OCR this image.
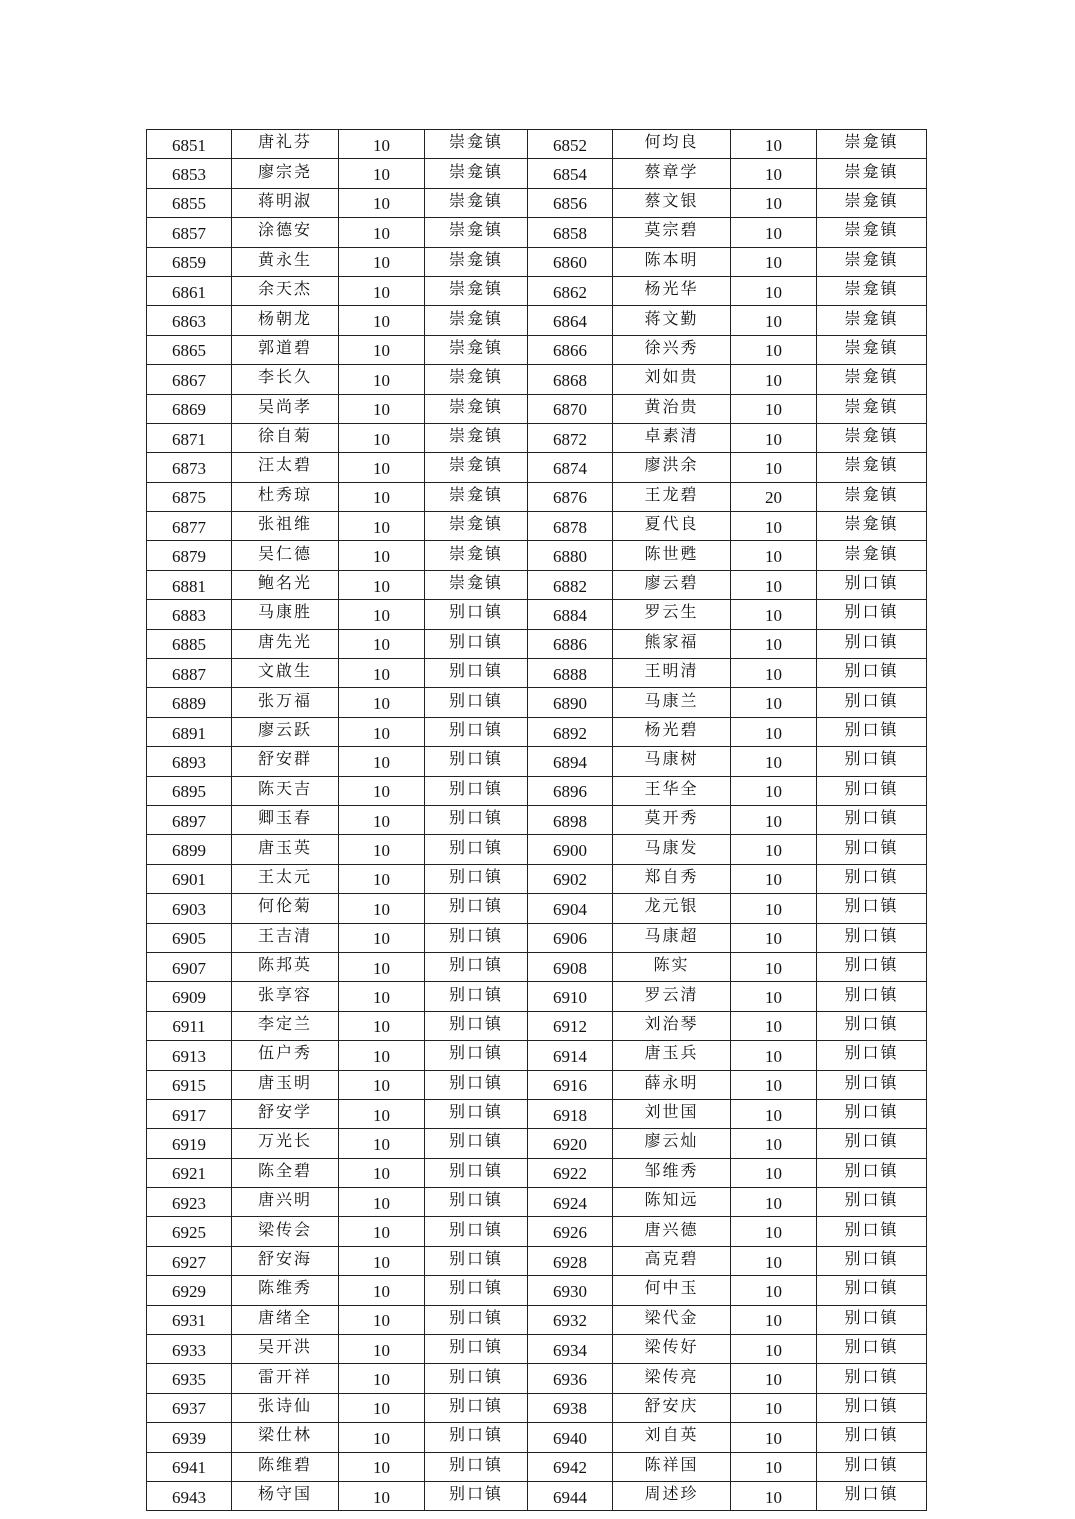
6851	唐礼芬	10	崇龛镇	6852	何均良	10	崇龛镇
6853	廖宗尧	10	崇龛镇	6854	蔡章学	10	崇龛镇
6855	蒋明淑	10	崇龛镇	6856	蔡文银	10	崇龛镇
6857	涂德安	10	崇龛镇	6858	莫宗碧	10	崇龛镇
6859	黄永生	10	崇龛镇	6860	陈本明	10	崇龛镇
6861	余天杰	10	崇龛镇	6862	杨光华	10	崇龛镇
6863	杨朝龙	10	崇龛镇	6864	蒋文勤	10	崇龛镇
6865	郭道碧	10	崇龛镇	6866	徐兴秀	10	崇龛镇
6867	李长久	10	崇龛镇	6868	刘如贵	10	崇龛镇
6869	吴尚孝	10	崇龛镇	6870	黄治贵	10	崇龛镇
6871	徐自菊	10	崇龛镇	6872	卓素清	10	崇龛镇
6873	汪太碧	10	崇龛镇	6874	廖洪余	10	崇龛镇
6875	杜秀琼	10	崇龛镇	6876	王龙碧	20	崇龛镇
6877	张祖维	10	崇龛镇	6878	夏代良	10	崇龛镇
6879	吴仁德	10	崇龛镇	6880	陈世甦	10	崇龛镇
6881	鲍名光	10	崇龛镇	6882	廖云碧	10	别口镇
6883	马康胜	10	别口镇	6884	罗云生	10	别口镇
6885	唐先光	10	别口镇	6886	熊家福	10	别口镇
6887	文啟生	10	别口镇	6888	王明清	10	别口镇
6889	张万福	10	别口镇	6890	马康兰	10	别口镇
6891	廖云跃	10	别口镇	6892	杨光碧	10	别口镇
6893	舒安群	10	别口镇	6894	马康树	10	别口镇
6895	陈天吉	10	别口镇	6896	王华全	10	别口镇
6897	卿玉春	10	别口镇	6898	莫开秀	10	别口镇
6899	唐玉英	10	别口镇	6900	马康发	10	别口镇
6901	王太元	10	别口镇	6902	郑自秀	10	别口镇
6903	何伦菊	10	别口镇	6904	龙元银	10	别口镇
6905	王吉清	10	别口镇	6906	马康超	10	别口镇
6907	陈邦英	10	别口镇	6908	陈实	10	别口镇
6909	张享容	10	别口镇	6910	罗云清	10	别口镇
6911	李定兰	10	别口镇	6912	刘治琴	10	别口镇
6913	伍户秀	10	别口镇	6914	唐玉兵	10	别口镇
6915	唐玉明	10	别口镇	6916	薛永明	10	别口镇
6917	舒安学	10	别口镇	6918	刘世国	10	别口镇
6919	万光长	10	别口镇	6920	廖云灿	10	别口镇
6921	陈全碧	10	别口镇	6922	邹维秀	10	别口镇
6923	唐兴明	10	别口镇	6924	陈知远	10	别口镇
6925	梁传会	10	别口镇	6926	唐兴德	10	别口镇
6927	舒安海	10	别口镇	6928	高克碧	10	别口镇
6929	陈维秀	10	别口镇	6930	何中玉	10	别口镇
6931	唐绪全	10	别口镇	6932	梁代金	10	别口镇
6933	吴开洪	10	别口镇	6934	梁传好	10	别口镇
6935	雷开祥	10	别口镇	6936	梁传亮	10	别口镇
6937	张诗仙	10	别口镇	6938	舒安庆	10	别口镇
6939	梁仕林	10	别口镇	6940	刘自英	10	别口镇
6941	陈维碧	10	别口镇	6942	陈祥国	10	别口镇
6943	杨守国	10	别口镇	6944	周述珍	10	别口镇
